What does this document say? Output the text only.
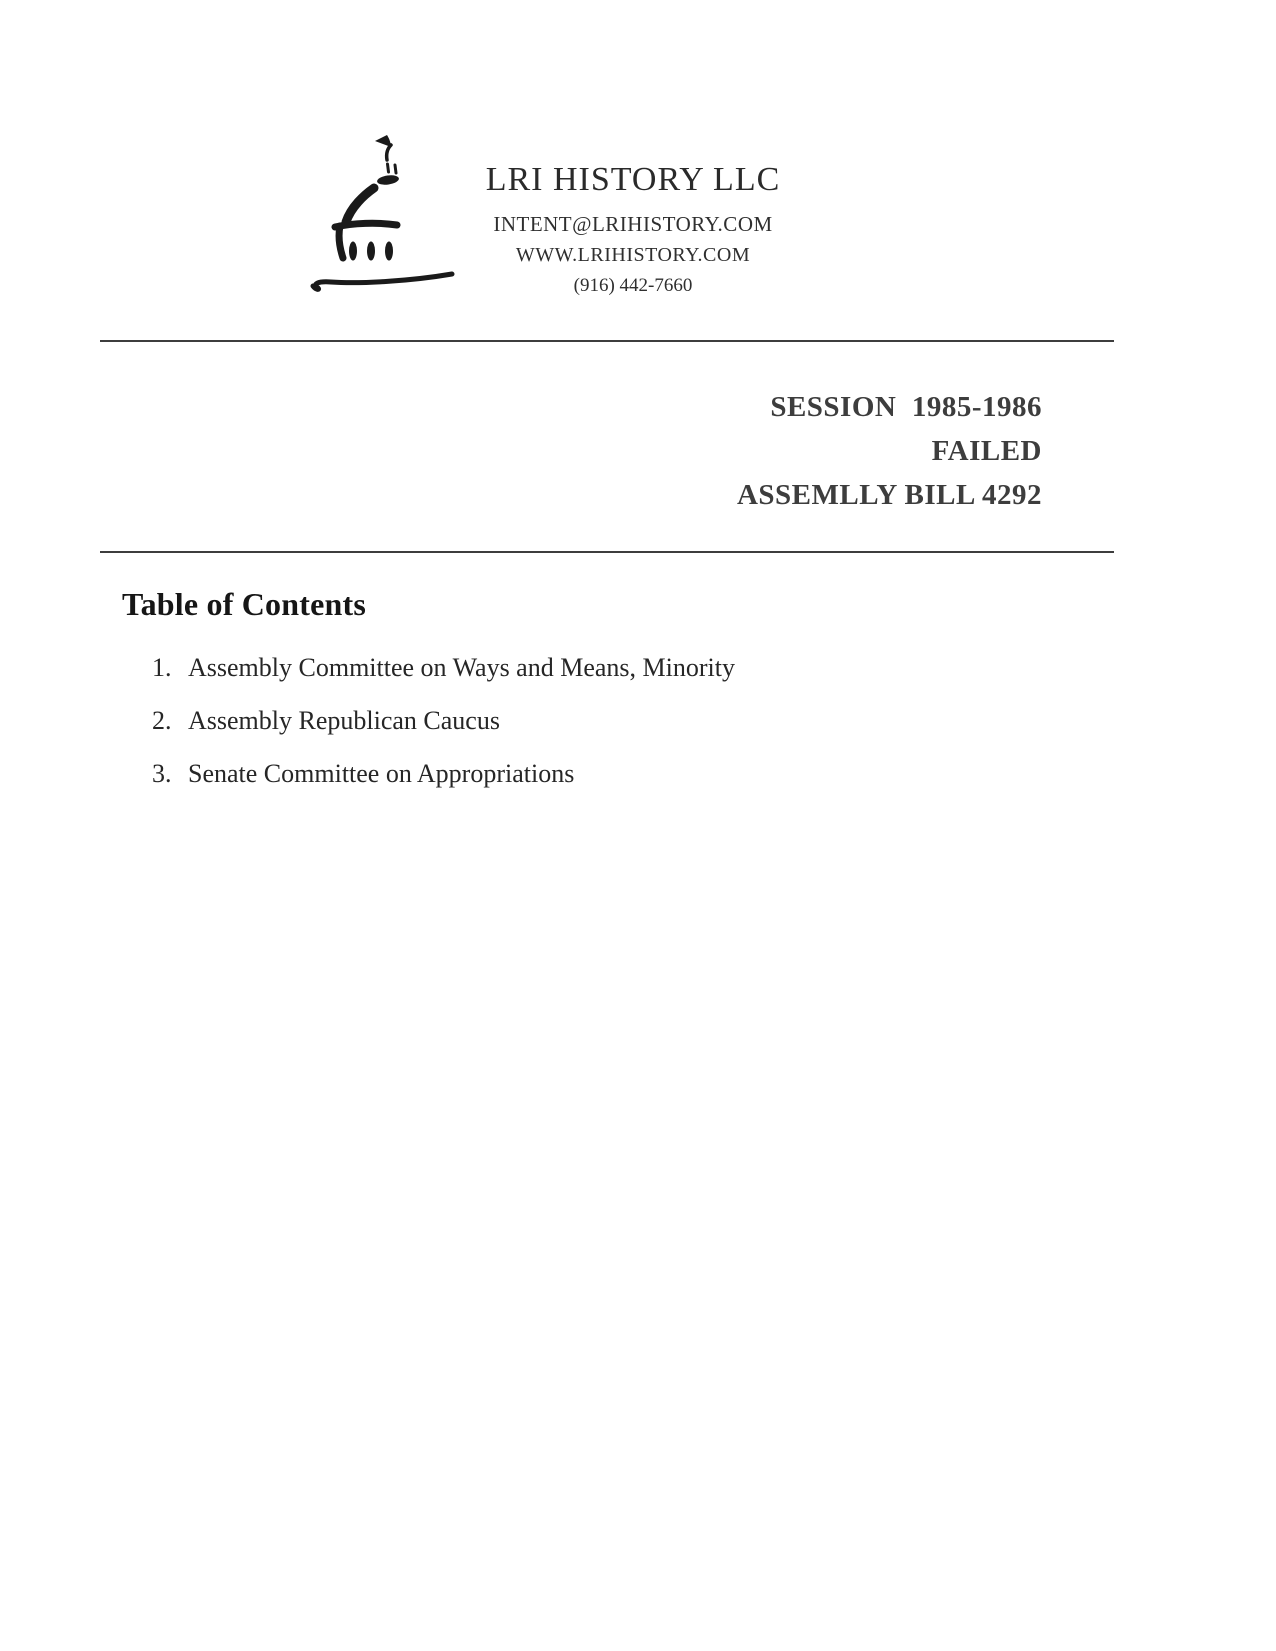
LRI HISTORY LLC
INTENT@LRIHISTORY.COM
WWW.LRIHISTORY.COM
(916) 442-7660
SESSION  1985-1986
FAILED
ASSEMLLY BILL 4292
Table of Contents
1. Assembly Committee on Ways and Means, Minority
2. Assembly Republican Caucus
3. Senate Committee on Appropriations
